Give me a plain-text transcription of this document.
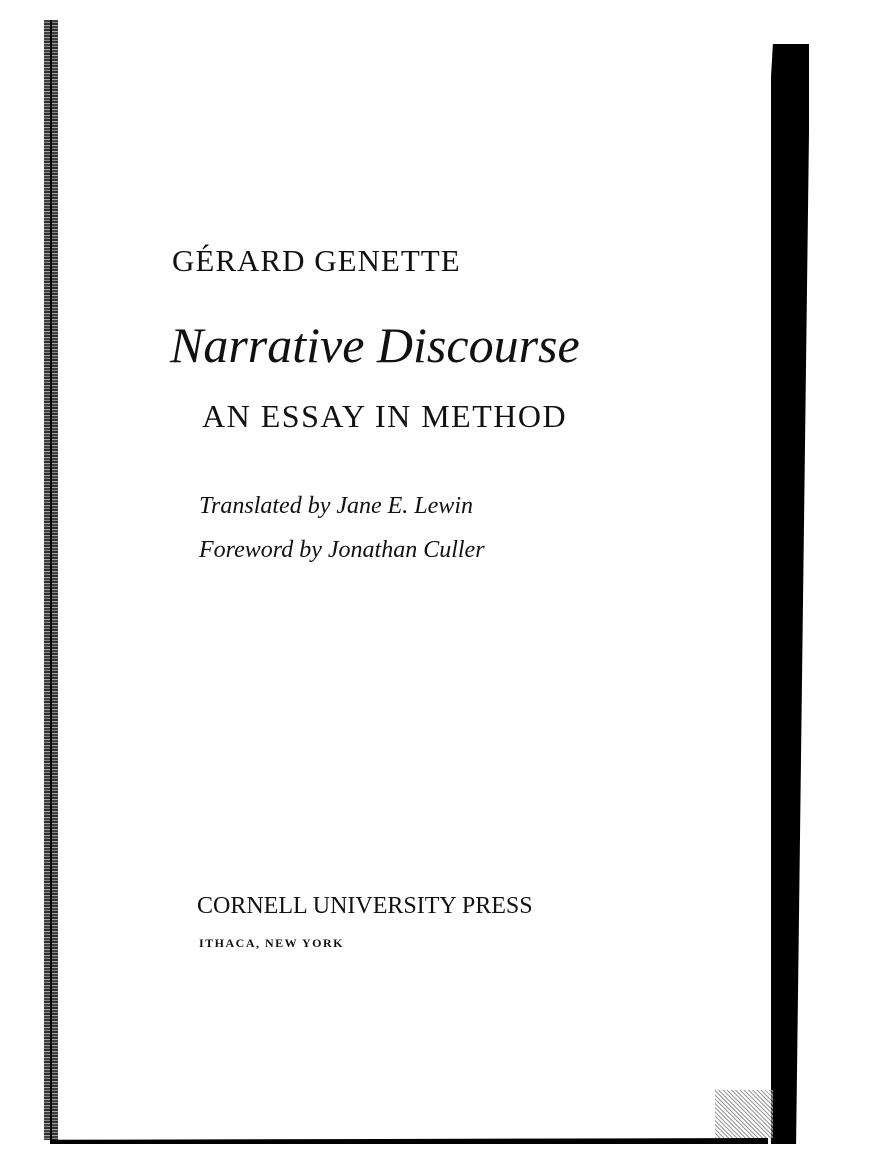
GÉRARD GENETTE
Narrative Discourse
AN ESSAY IN METHOD
Translated by Jane E. Lewin
Foreword by Jonathan Culler
CORNELL UNIVERSITY PRESS
ITHACA, NEW YORK
